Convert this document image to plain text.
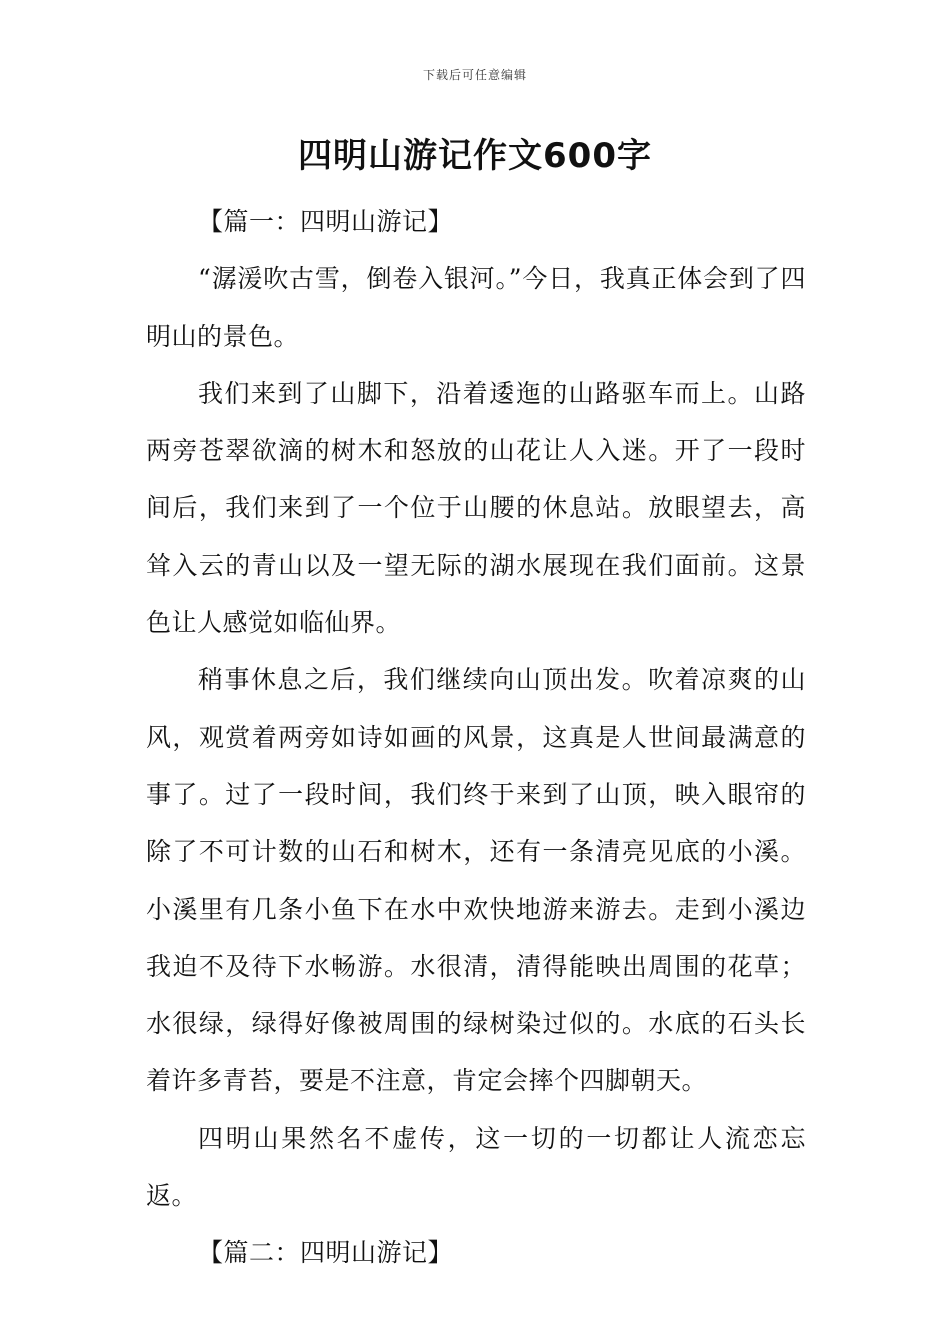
下载后可任意编辑
四明山游记作文600字

【篇一：四明山游记】

“潺湲吹古雪，倒卷入银河。”今日，我真正体会到了四明山的景色。

我们来到了山脚下，沿着逶迤的山路驱车而上。山路两旁苍翠欲滴的树木和怒放的山花让人入迷。开了一段时间后，我们来到了一个位于山腰的休息站。放眼望去，高耸入云的青山以及一望无际的湖水展现在我们面前。这景色让人感觉如临仙界。

稍事休息之后，我们继续向山顶出发。吹着凉爽的山风，观赏着两旁如诗如画的风景，这真是人世间最满意的事了。过了一段时间，我们终于来到了山顶，映入眼帘的除了不可计数的山石和树木，还有一条清亮见底的小溪。小溪里有几条小鱼下在水中欢快地游来游去。走到小溪边我迫不及待下水畅游。水很清，清得能映出周围的花草；水很绿，绿得好像被周围的绿树染过似的。水底的石头长着许多青苔，要是不注意，肯定会摔个四脚朝天。

四明山果然名不虚传，这一切的一切都让人流恋忘返。

【篇二：四明山游记】
